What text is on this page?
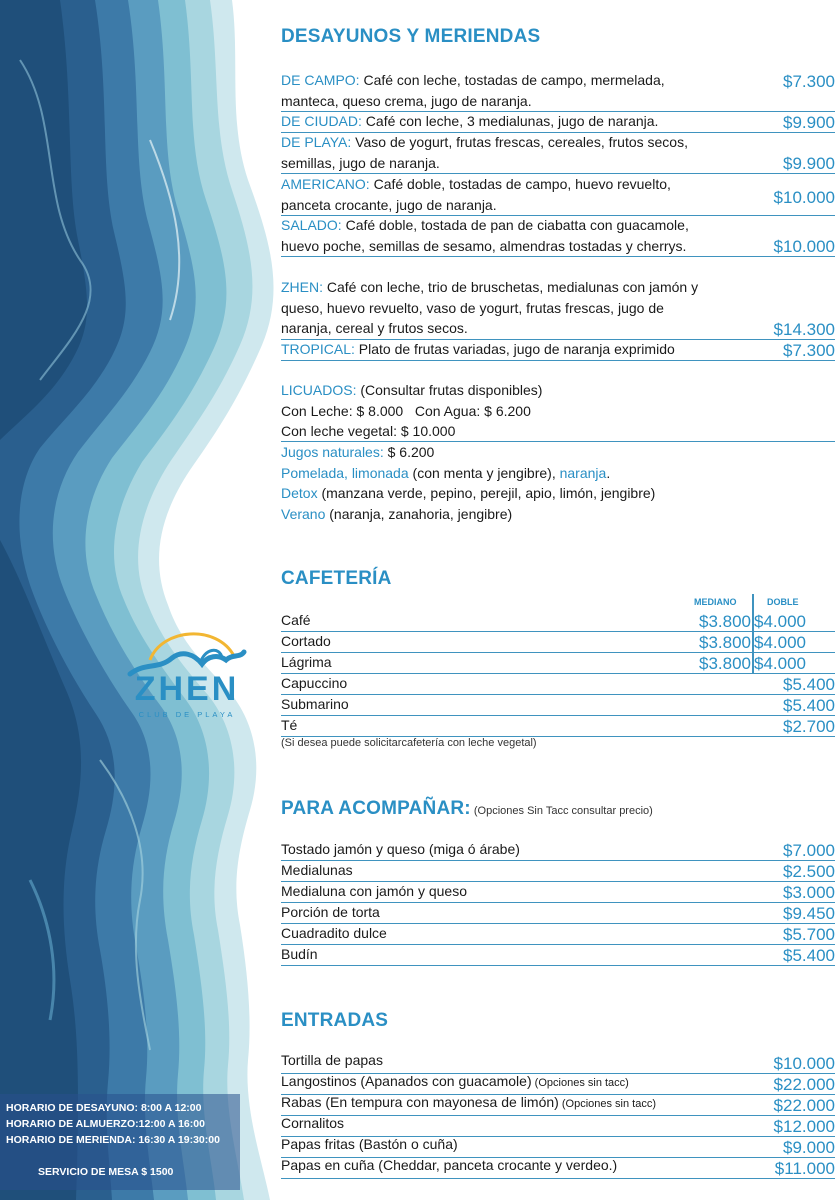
ZHEN
CLUB DE PLAYA
HORARIO DE DESAYUNO: 8:00 A 12:00
HORARIO DE ALMUERZO:12:00 A 16:00
HORARIO DE MERIENDA: 16:30 A 19:30:00
SERVICIO DE MESA $ 1500
DESAYUNOS Y MERIENDAS
DE CAMPO: Café con leche, tostadas de campo, mermelada, manteca, queso crema, jugo de naranja.
$7.300
DE CIUDAD: Café con leche, 3 medialunas, jugo de naranja.	$9.900
DE PLAYA: Vaso de yogurt, frutas frescas, cereales, frutos secos, semillas, jugo de naranja.	$9.900
AMERICANO: Café doble, tostadas de campo, huevo revuelto, panceta crocante, jugo de naranja.	$10.000
SALADO: Café doble, tostada de pan de ciabatta con guacamole, huevo poche, semillas de sesamo, almendras tostadas y cherrys.	$10.000
ZHEN: Café con leche, trio de bruschetas, medialunas con jamón y queso, huevo revuelto, vaso de yogurt, frutas frescas, jugo de naranja, cereal y frutos secos.	$14.300
TROPICAL: Plato de frutas variadas, jugo de naranja exprimido	$7.300
LICUADOS: (Consultar frutas disponibles)
Con Leche: $ 8.000   Con Agua: $ 6.200
Con leche vegetal: $ 10.000
Jugos naturales: $ 6.200
Pomelada, limonada (con menta y jengibre), naranja.
Detox (manzana verde, pepino, perejil, apio, limón, jengibre)
Verano (naranja, zanahoria, jengibre)
CAFETERÍA
MEDIANO	DOBLE
Café	$3.800 $4.000
Cortado	$3.800 $4.000
Lágrima	$3.800 $4.000
Capuccino	$5.400
Submarino	$5.400
Té	$2.700
(Si desea puede solicitarcafetería con leche vegetal)
PARA ACOMPAÑAR: (Opciones Sin Tacc consultar precio)
Tostado jamón y queso (miga ó árabe)	$7.000
Medialunas	$2.500
Medialuna con jamón y queso	$3.000
Porción de torta	$9.450
Cuadradito dulce	$5.700
Budín	$5.400
ENTRADAS
Tortilla de papas	$10.000
Langostinos (Apanados con guacamole) (Opciones sin tacc)	$22.000
Rabas (En tempura con mayonesa de limón) (Opciones sin tacc)	$22.000
Cornalitos	$12.000
Papas fritas (Bastón o cuña)	$9.000
Papas en cuña (Cheddar, panceta crocante y verdeo.)	$11.000
